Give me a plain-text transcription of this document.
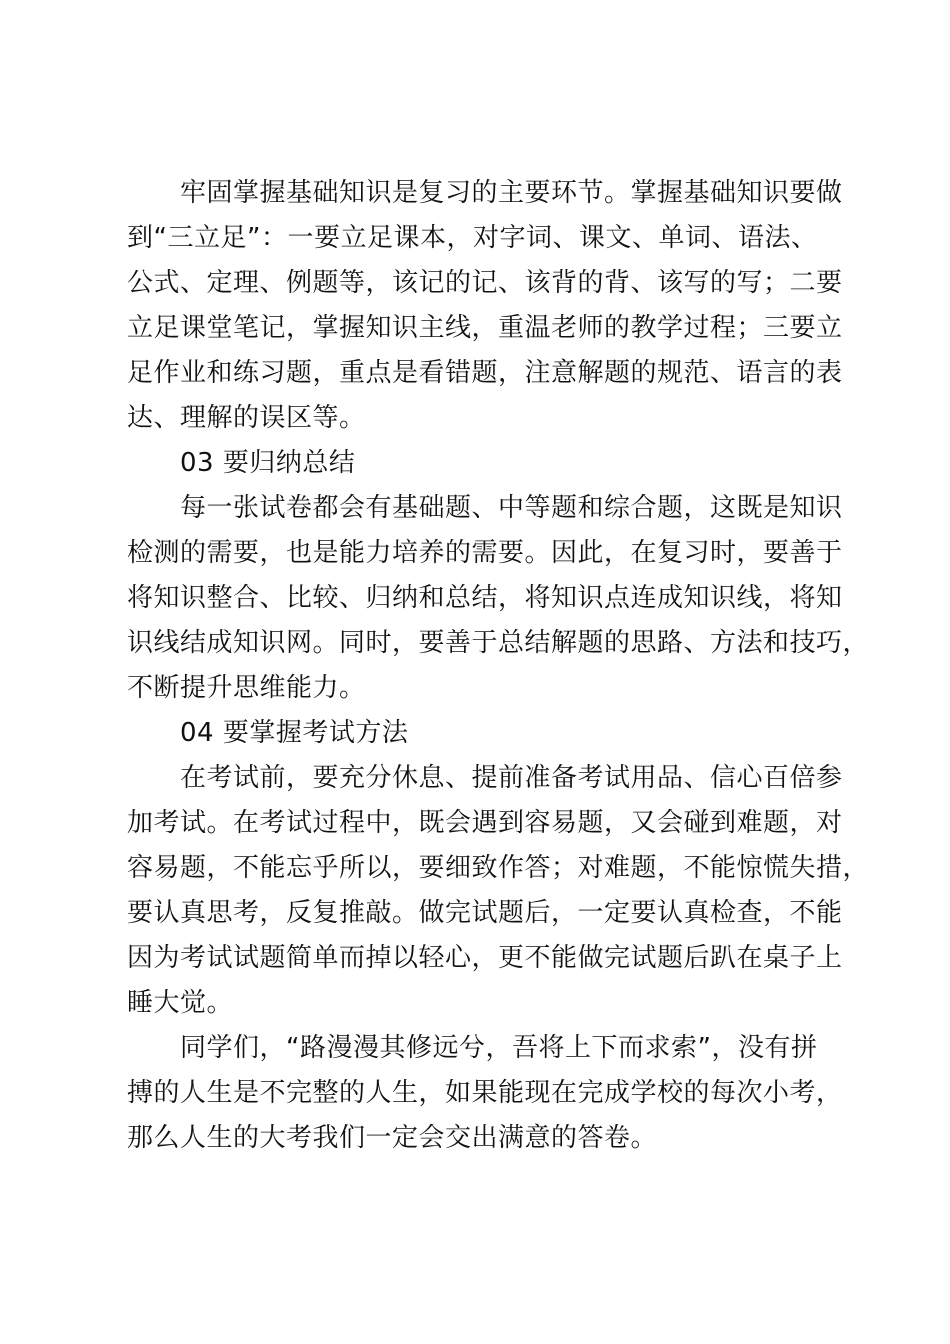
牢固掌握基础知识是复习的主要环节。掌握基础知识要做

到“三立足”：一要立足课本，对字词、课文、单词、语法、

公式、定理、例题等，该记的记、该背的背、该写的写；二要

立足课堂笔记，掌握知识主线，重温老师的教学过程；三要立

足作业和练习题，重点是看错题，注意解题的规范、语言的表

达、理解的误区等。

03 要归纳总结

每一张试卷都会有基础题、中等题和综合题，这既是知识

检测的需要，也是能力培养的需要。因此，在复习时，要善于

将知识整合、比较、归纳和总结，将知识点连成知识线，将知

识线结成知识网。同时，要善于总结解题的思路、方法和技巧，

不断提升思维能力。

04 要掌握考试方法

在考试前，要充分休息、提前准备考试用品、信心百倍参

加考试。在考试过程中，既会遇到容易题，又会碰到难题，对

容易题，不能忘乎所以，要细致作答；对难题，不能惊慌失措，

要认真思考，反复推敲。做完试题后，一定要认真检查，不能

因为考试试题简单而掉以轻心，更不能做完试题后趴在桌子上

睡大觉。

同学们，“路漫漫其修远兮，吾将上下而求索”，没有拼

搏的人生是不完整的人生，如果能现在完成学校的每次小考，

那么人生的大考我们一定会交出满意的答卷。
